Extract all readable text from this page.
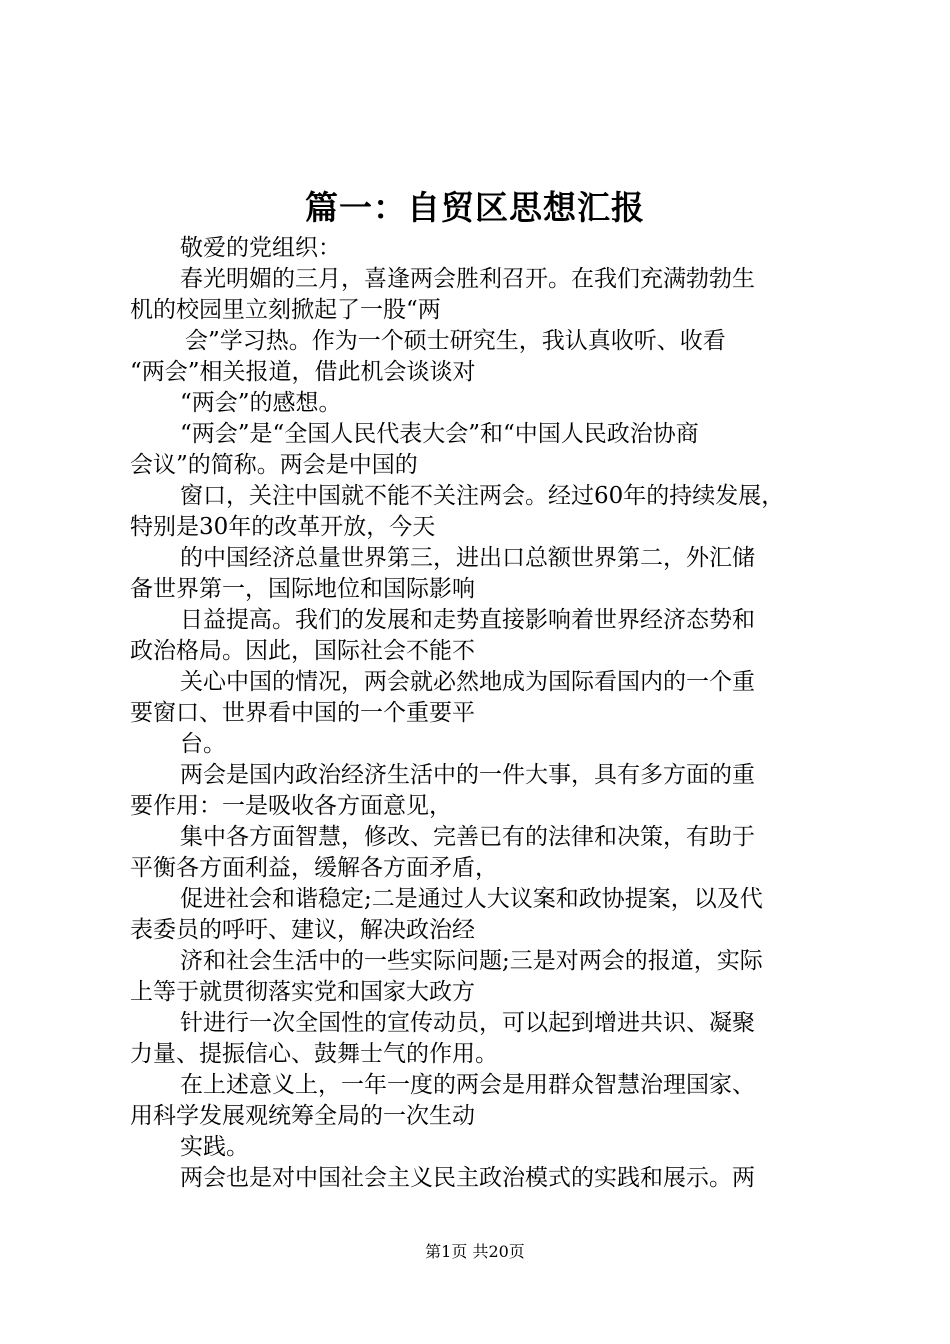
篇一：自贸区思想汇报
敬爱的党组织：
春光明媚的三月，喜逢两会胜利召开。在我们充满勃勃生
机的校园里立刻掀起了一股“两
会”学习热。作为一个硕士研究生，我认真收听、收看
“两会”相关报道，借此机会谈谈对
“两会”的感想。
“两会”是“全国人民代表大会”和“中国人民政治协商
会议”的简称。两会是中国的
窗口，关注中国就不能不关注两会。经过60年的持续发展，
特别是30年的改革开放，今天
的中国经济总量世界第三，进出口总额世界第二，外汇储
备世界第一，国际地位和国际影响
日益提高。我们的发展和走势直接影响着世界经济态势和
政治格局。因此，国际社会不能不
关心中国的情况，两会就必然地成为国际看国内的一个重
要窗口、世界看中国的一个重要平
台。
两会是国内政治经济生活中的一件大事，具有多方面的重
要作用：一是吸收各方面意见，
集中各方面智慧，修改、完善已有的法律和决策，有助于
平衡各方面利益，缓解各方面矛盾，
促进社会和谐稳定;二是通过人大议案和政协提案，以及代
表委员的呼吁、建议，解决政治经
济和社会生活中的一些实际问题;三是对两会的报道，实际
上等于就贯彻落实党和国家大政方
针进行一次全国性的宣传动员，可以起到增进共识、凝聚
力量、提振信心、鼓舞士气的作用。
在上述意义上，一年一度的两会是用群众智慧治理国家、
用科学发展观统筹全局的一次生动
实践。
两会也是对中国社会主义民主政治模式的实践和展示。两
第1页 共20页
